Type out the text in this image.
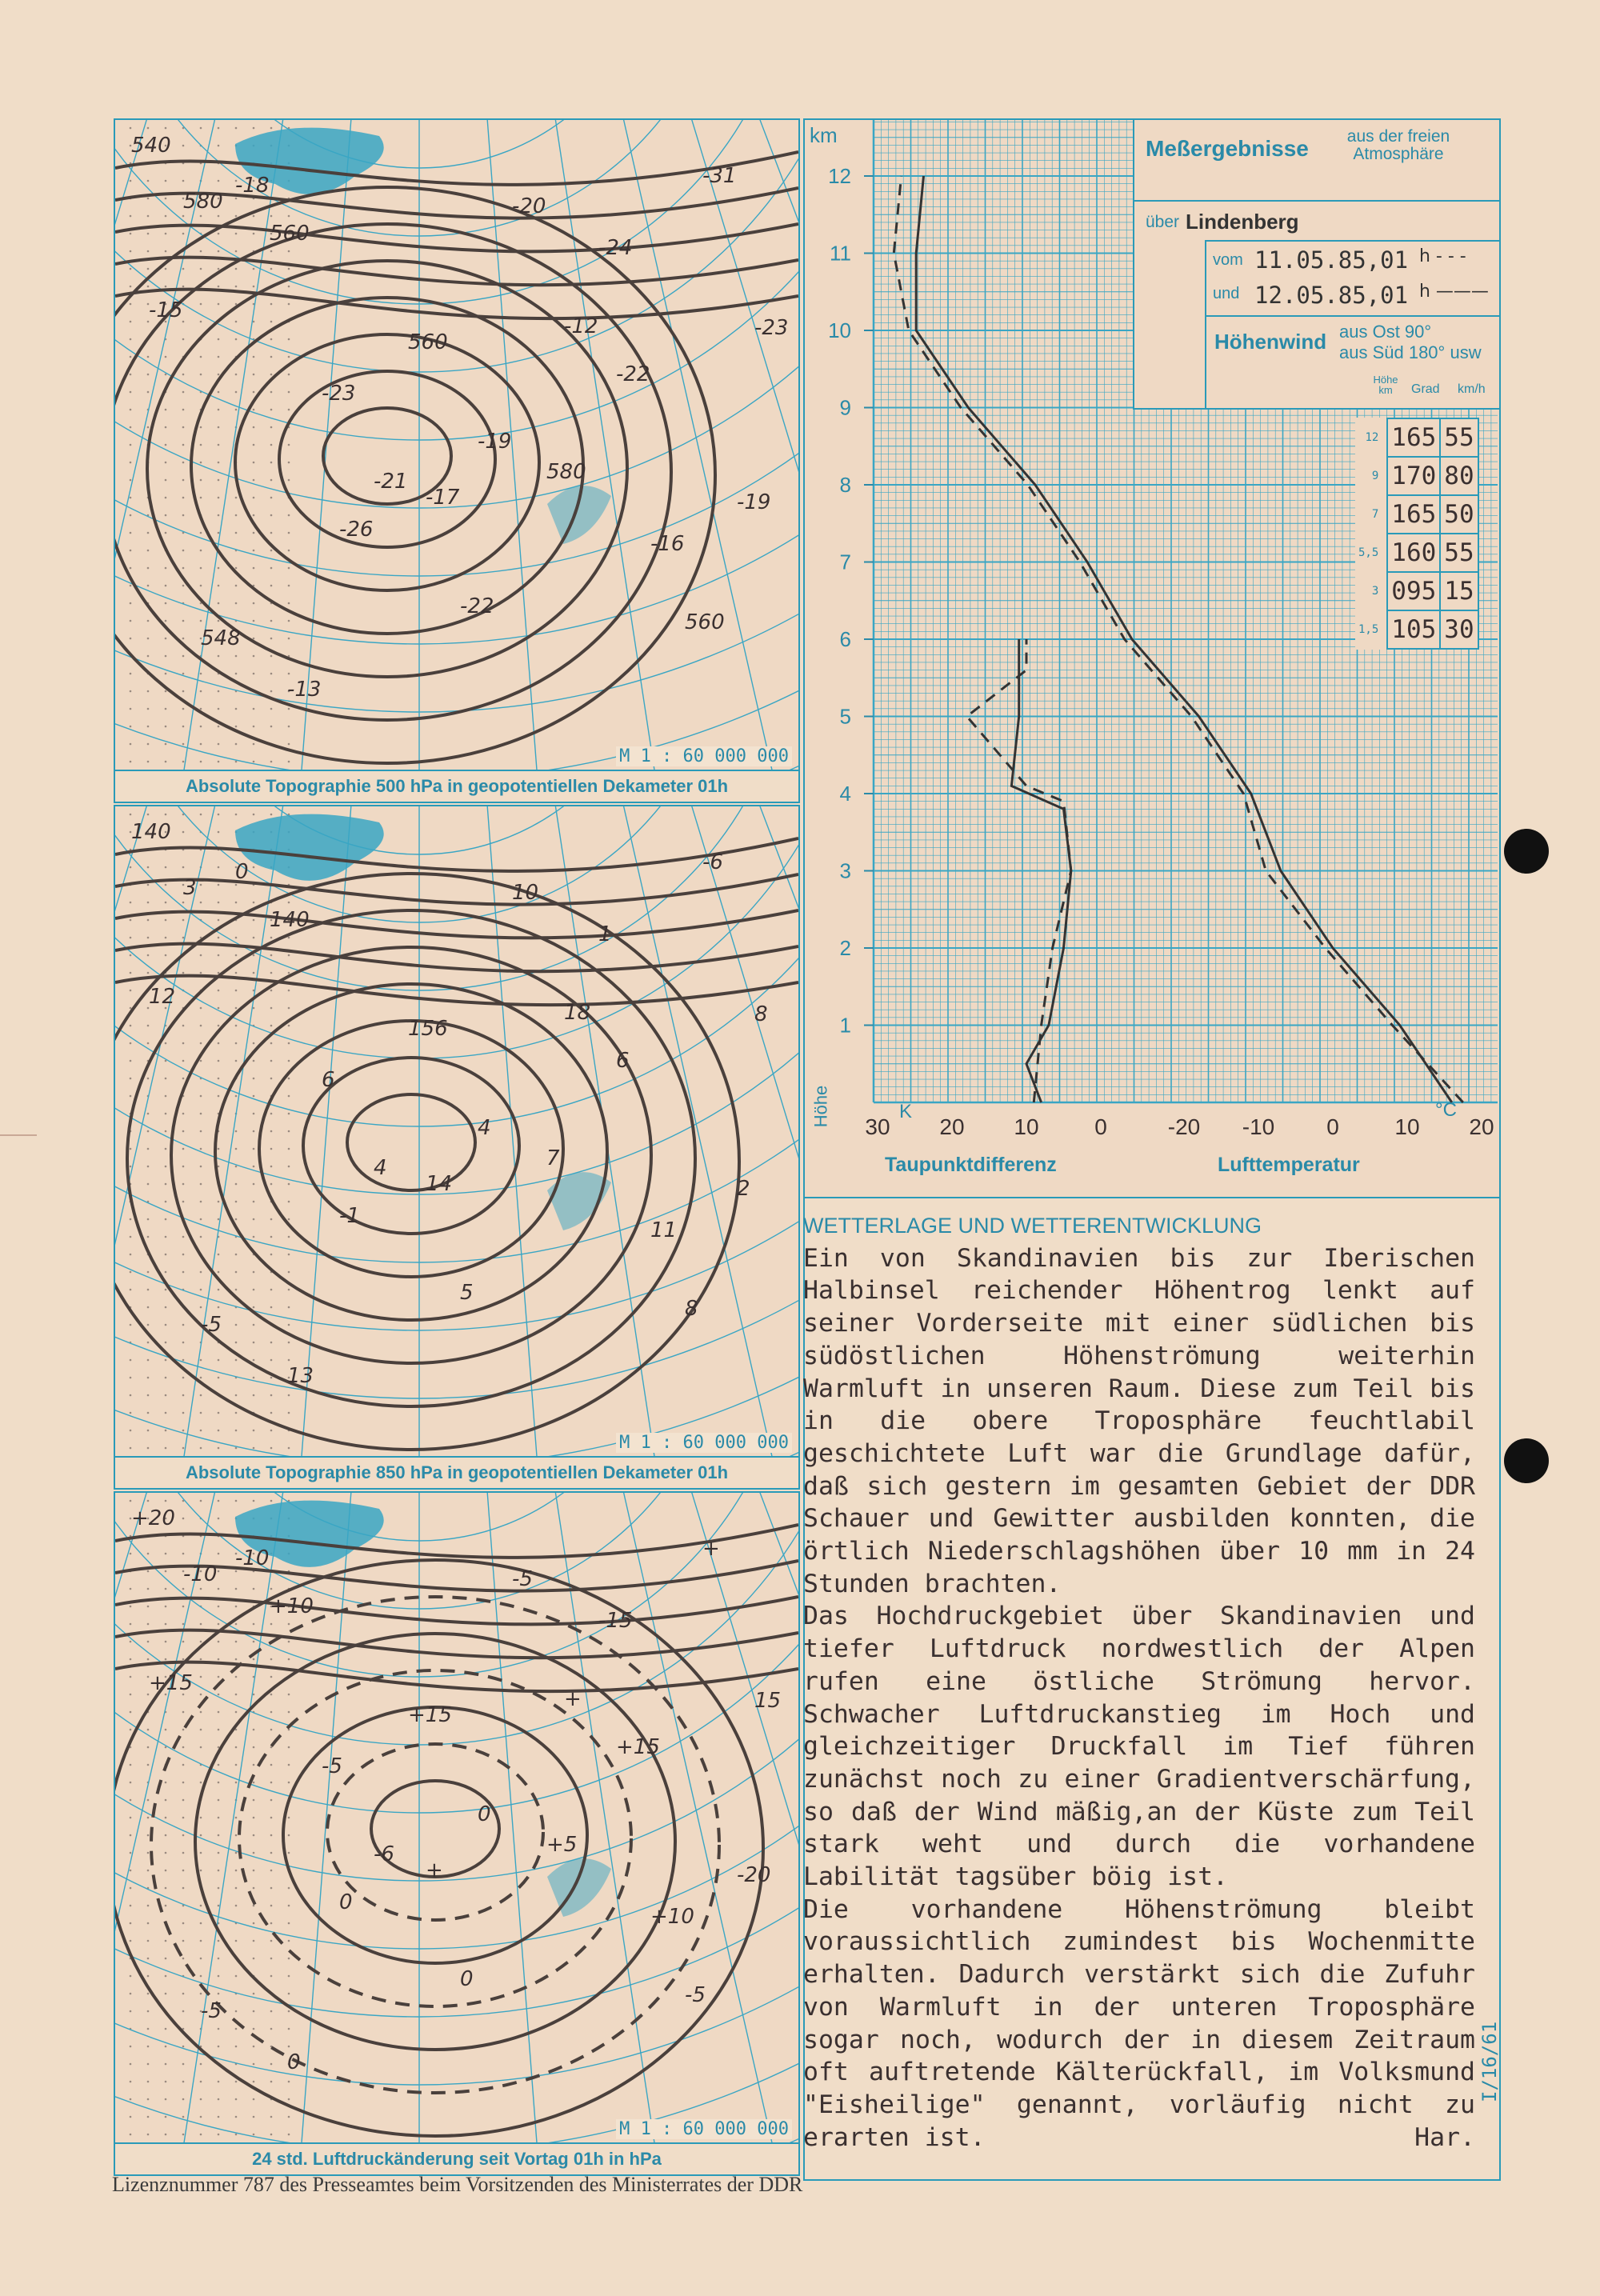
540
560
560
580
560
580
-23
-22
-24
-19
-18
-21
-20
-16
-15
-13
-17
-12
-31
548
-26
-19
-22
-23
M 1 : 60 000 000
Absolute Topographie 500 hPa in geopotentiellen Dekameter 01h
140
140
156
7
8
3
6
5
1
2
0
4
10
11
12
13
14
18
-6
-5
-1
4
6
8
M 1 : 60 000 000
Absolute Topographie 850 hPa in geopotentiellen Dekameter 01h
+20
+10
+15
+5
-5
-10
-5
0
-15
-20
-10
-6
-5
+10
+15
0
+
+
+
-5
0
0
+15
15
M 1 : 60 000 000
24 std. Luftdruckänderung seit Vortag 01h in hPa
12
11
10
9
8
7
6
5
4
3
2
1
30 20 10 0	-20 -10 0 10 20
km
Meßergebnisse	aus der freien Atmosphäre
über Lindenberg
vom 11.05.85,01 h - - -
und 12.05.85,01 h ———
Höhenwind aus Ost 90°
aus Süd 180° usw
Höhe km	Grad km/h
12	165	55
9	170	80
7	165	50
5,5	160	55
3	095	15
1,5	105	30
Höhe	K	°C
Taupunktdifferenz	Lufttemperatur
WETTERLAGE UND WETTERENTWICKLUNG

Ein von Skandinavien bis zur Iberischen Halbinsel reichender Höhentrog lenkt auf seiner Vorderseite mit einer südlichen bis südöstlichen Höhenströmung weiterhin Warmluft in unseren Raum. Diese zum Teil bis in die obere Troposphäre feuchtlabil geschichtete Luft war die Grundlage dafür, daß sich gestern im gesamten Gebiet der DDR Schauer und Gewitter ausbilden konnten, die örtlich Niederschlagshöhen über 10 mm in 24 Stunden brachten.

Das Hochdruckgebiet über Skandinavien und tiefer Luftdruck nordwestlich der Alpen rufen eine östliche Strömung hervor. Schwacher Luftdruckanstieg im Hoch und gleichzeitiger Druckfall im Tief führen zunächst noch zu einer Gradientverschärfung, so daß der Wind mäßig,an der Küste zum Teil stark weht und durch die vorhandene Labilität tagsüber böig ist.

Die vorhandene Höhenströmung bleibt voraussichtlich zumindest bis Wochenmitte erhalten. Dadurch verstärkt sich die Zufuhr von Warmluft in der unteren Troposphäre sogar noch, wodurch der in diesem Zeitraum oft auftretende Kälterückfall, im Volksmund "Eisheilige" genannt, vorläufig nicht zu erarten ist.	Har.

I/16/61
Lizenznummer 787 des Presseamtes beim Vorsitzenden des Ministerrates der DDR
